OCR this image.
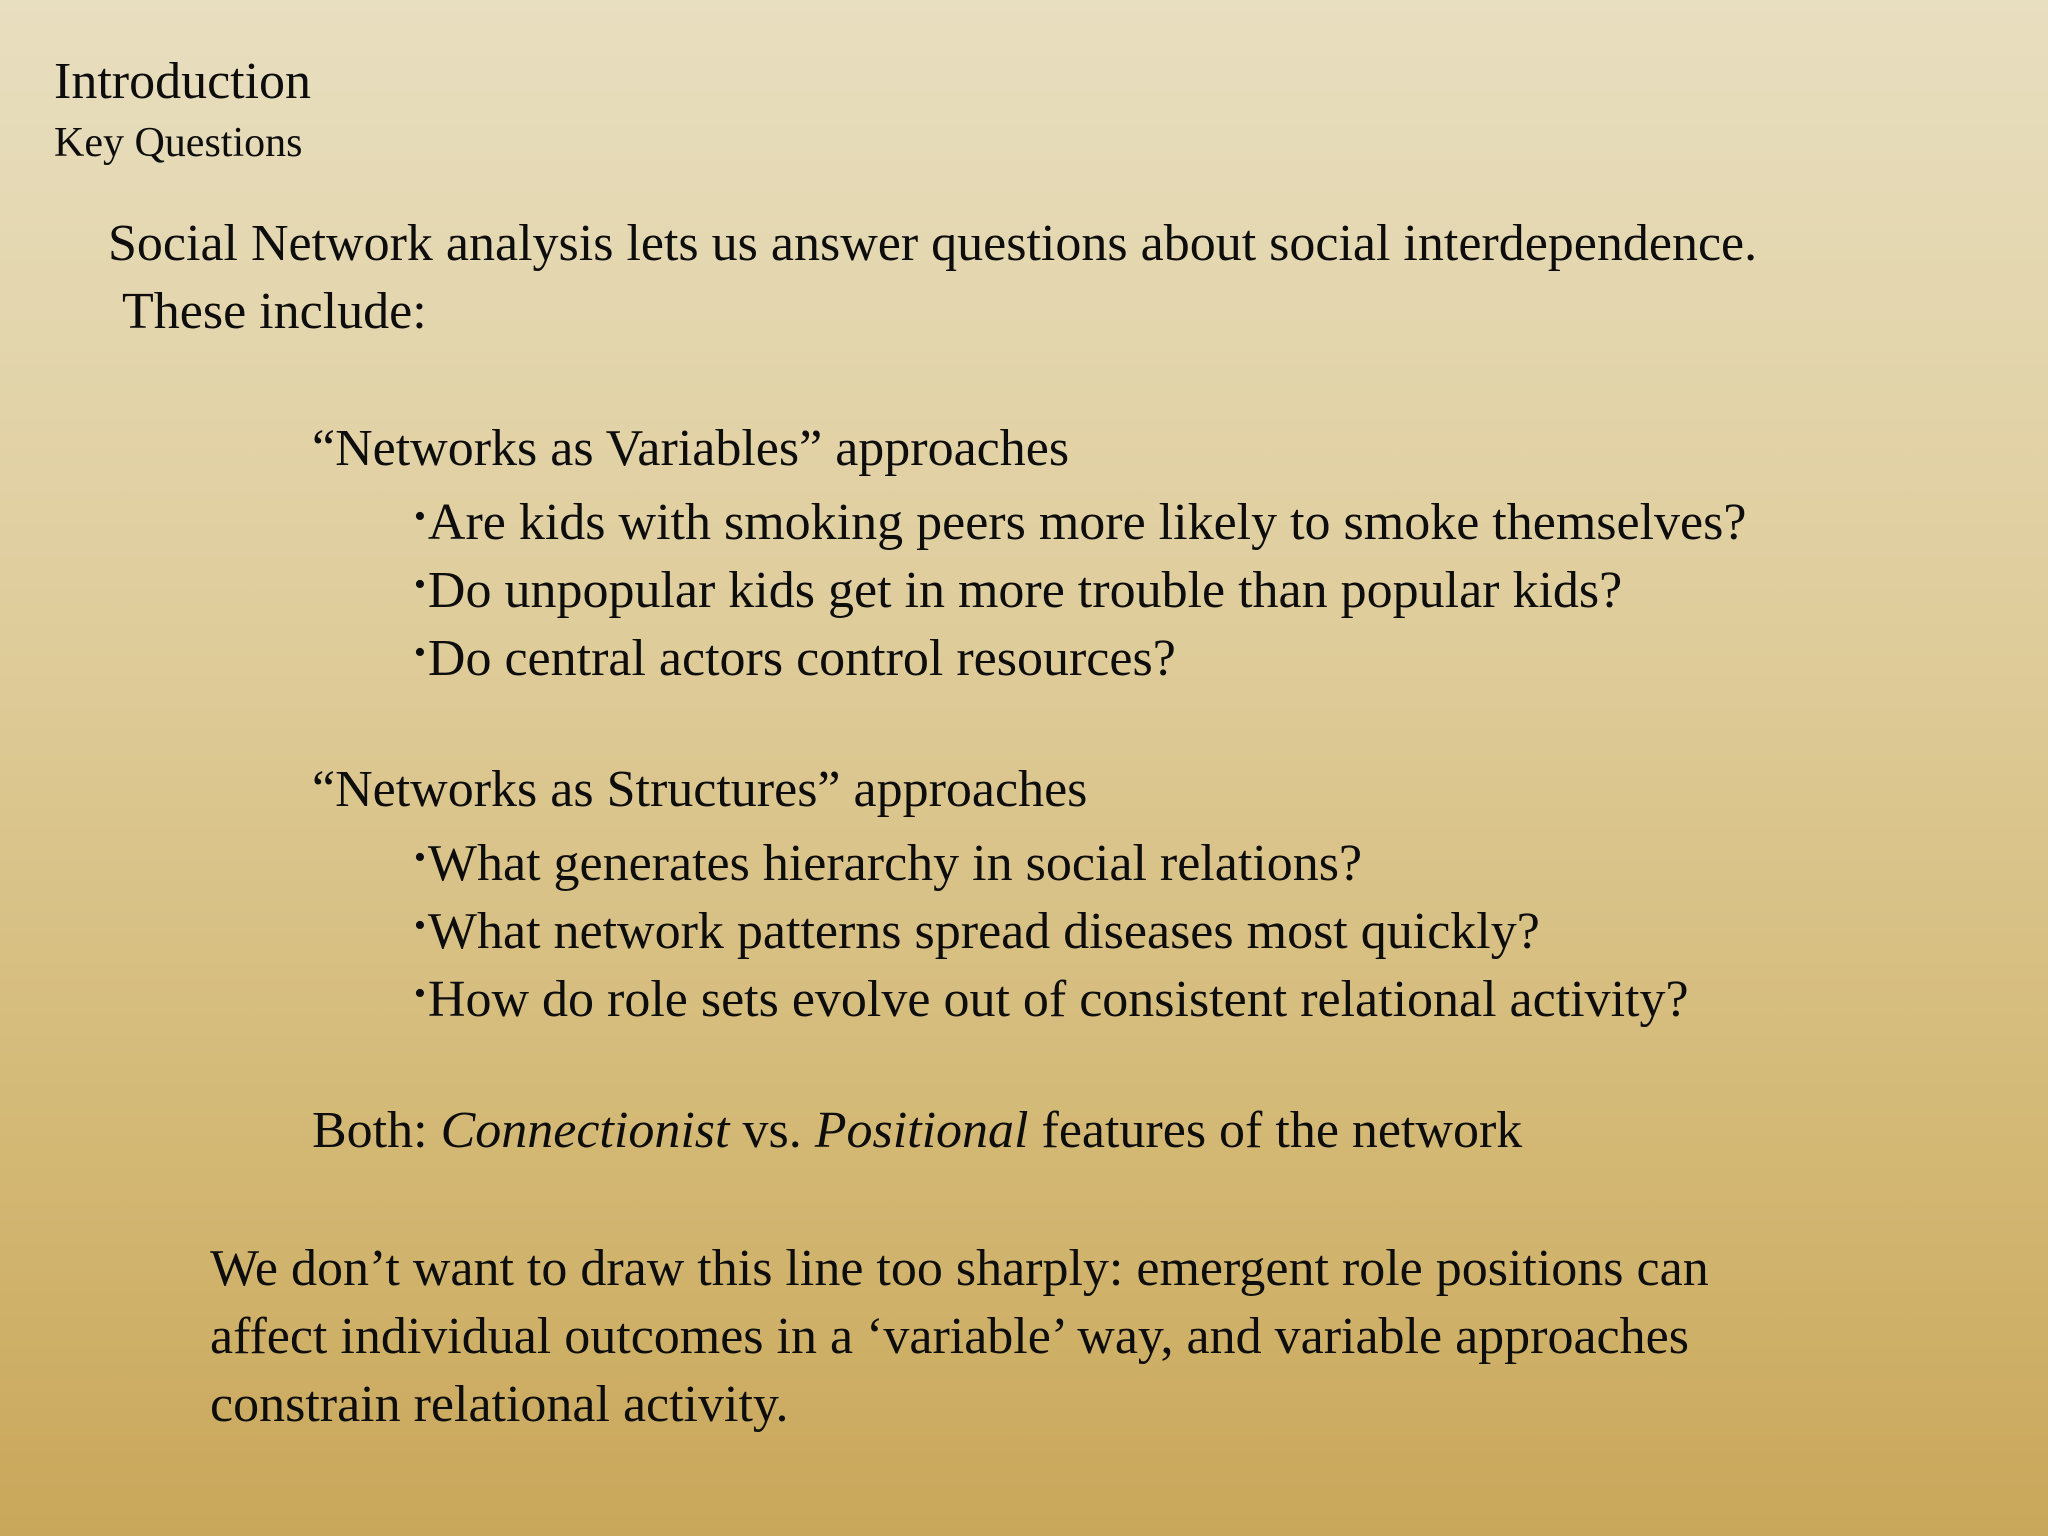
Introduction
Key Questions
Social Network analysis lets us answer questions about social interdependence.
These include:
“Networks as Variables” approaches
•Are kids with smoking peers more likely to smoke themselves?
•Do unpopular kids get in more trouble than popular kids?
•Do central actors control resources?
“Networks as Structures” approaches
•What generates hierarchy in social relations?
•What network patterns spread diseases most quickly?
•How do role sets evolve out of consistent relational activity?
Both: Connectionist vs. Positional features of the network
We don’t want to draw this line too sharply: emergent role positions can
affect individual outcomes in a ‘variable’ way, and variable approaches
constrain relational activity.
